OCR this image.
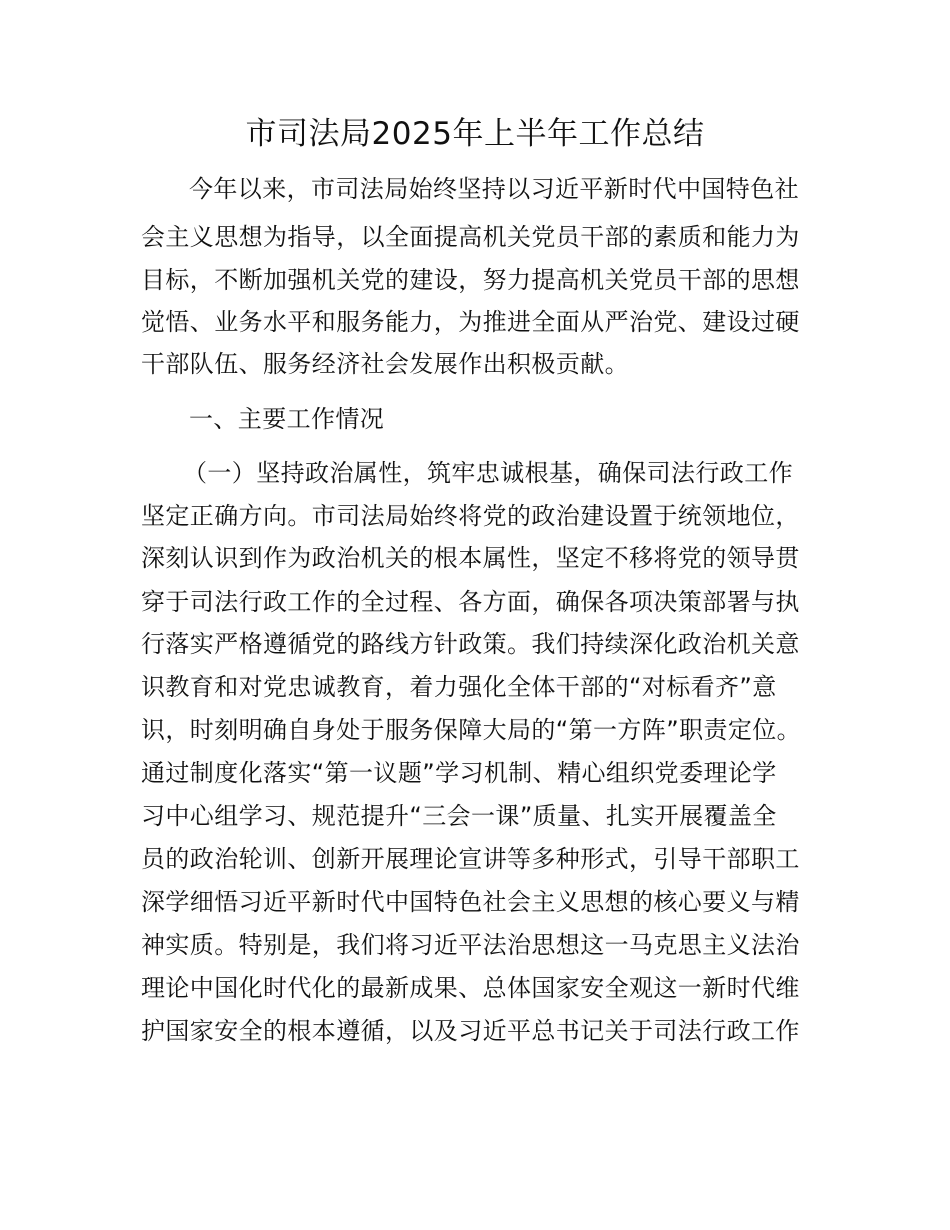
市司法局2025年上半年工作总结
今年以来，市司法局始终坚持以习近平新时代中国特色社
会主义思想为指导，以全面提高机关党员干部的素质和能力为
目标，不断加强机关党的建设，努力提高机关党员干部的思想
觉悟、业务水平和服务能力，为推进全面从严治党、建设过硬
干部队伍、服务经济社会发展作出积极贡献。
一、主要工作情况
（一）坚持政治属性，筑牢忠诚根基，确保司法行政工作
坚定正确方向。市司法局始终将党的政治建设置于统领地位，
深刻认识到作为政治机关的根本属性，坚定不移将党的领导贯
穿于司法行政工作的全过程、各方面，确保各项决策部署与执
行落实严格遵循党的路线方针政策。我们持续深化政治机关意
识教育和对党忠诚教育，着力强化全体干部的“对标看齐”意
识，时刻明确自身处于服务保障大局的“第一方阵”职责定位。
通过制度化落实“第一议题”学习机制、精心组织党委理论学
习中心组学习、规范提升“三会一课”质量、扎实开展覆盖全
员的政治轮训、创新开展理论宣讲等多种形式，引导干部职工
深学细悟习近平新时代中国特色社会主义思想的核心要义与精
神实质。特别是，我们将习近平法治思想这一马克思主义法治
理论中国化时代化的最新成果、总体国家安全观这一新时代维
护国家安全的根本遵循，以及习近平总书记关于司法行政工作
